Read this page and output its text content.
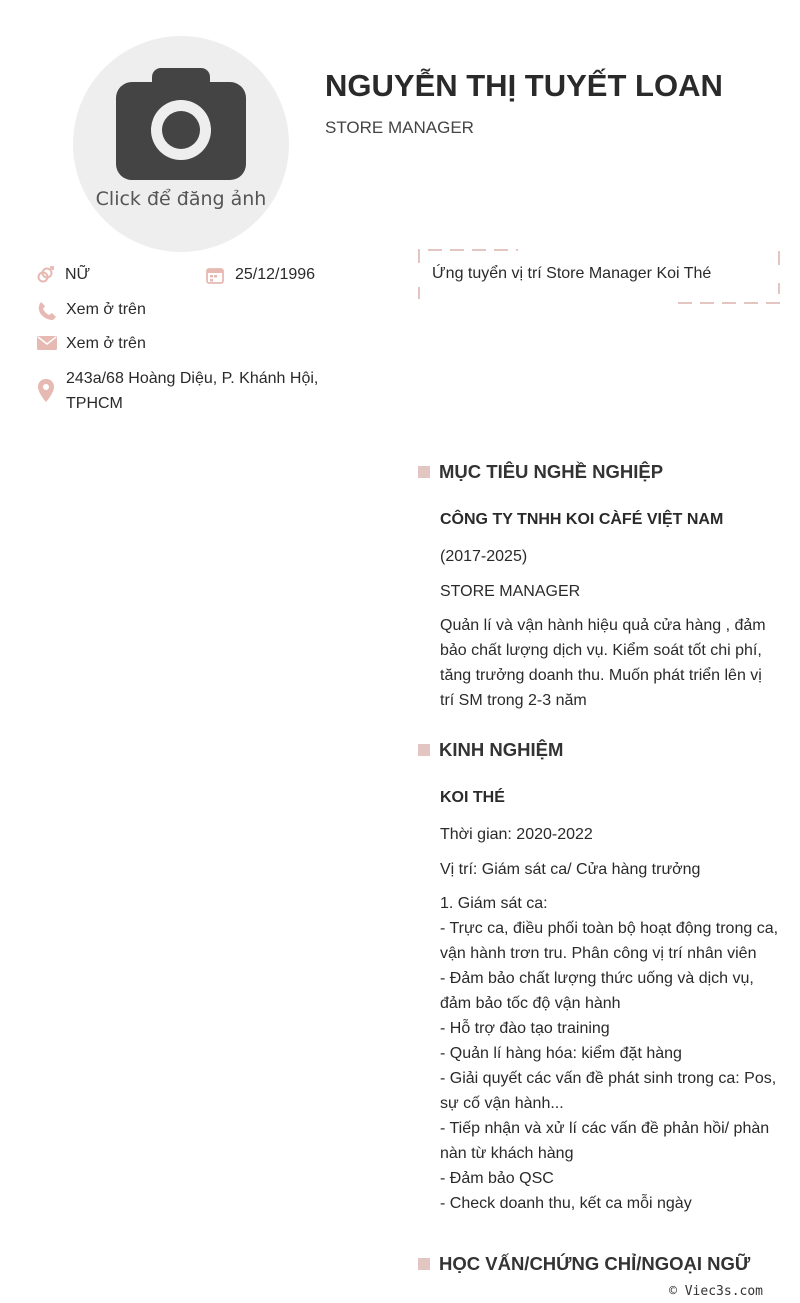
Click để đăng ảnh
NGUYỄN THỊ TUYẾT LOAN
STORE MANAGER
NỮ	25/12/1996
Xem ở trên
Xem ở trên
243a/68 Hoàng Diệu, P. Khánh Hội, TPHCM
Ứng tuyển vị trí Store Manager Koi Thé
MỤC TIÊU NGHỀ NGHIỆP
CÔNG TY TNHH KOI CÀFÉ VIỆT NAM
(2017-2025)
STORE MANAGER
Quản lí và vận hành hiệu quả cửa hàng , đảm bảo chất lượng dịch vụ. Kiểm soát tốt chi phí, tăng trưởng doanh thu. Muốn phát triển lên vị trí SM trong 2-3 năm
KINH NGHIỆM
KOI THÉ
Thời gian: 2020-2022
Vị trí: Giám sát ca/ Cửa hàng trưởng
1. Giám sát ca:
- Trực ca, điều phối toàn bộ hoạt động trong ca, vận hành trơn tru. Phân công vị trí nhân viên
- Đảm bảo chất lượng thức uống và dịch vụ, đảm bảo tốc độ vận hành
- Hỗ trợ đào tạo training
- Quản lí hàng hóa: kiểm đặt hàng
- Giải quyết các vấn đề phát sinh trong ca: Pos, sự cố vận hành...
- Tiếp nhận và xử lí các vấn đề phản hồi/ phàn nàn từ khách hàng
- Đảm bảo QSC
- Check doanh thu, kết ca mỗi ngày
HỌC VẤN/CHỨNG CHỈ/NGOẠI NGỮ
© Viec3s.com
